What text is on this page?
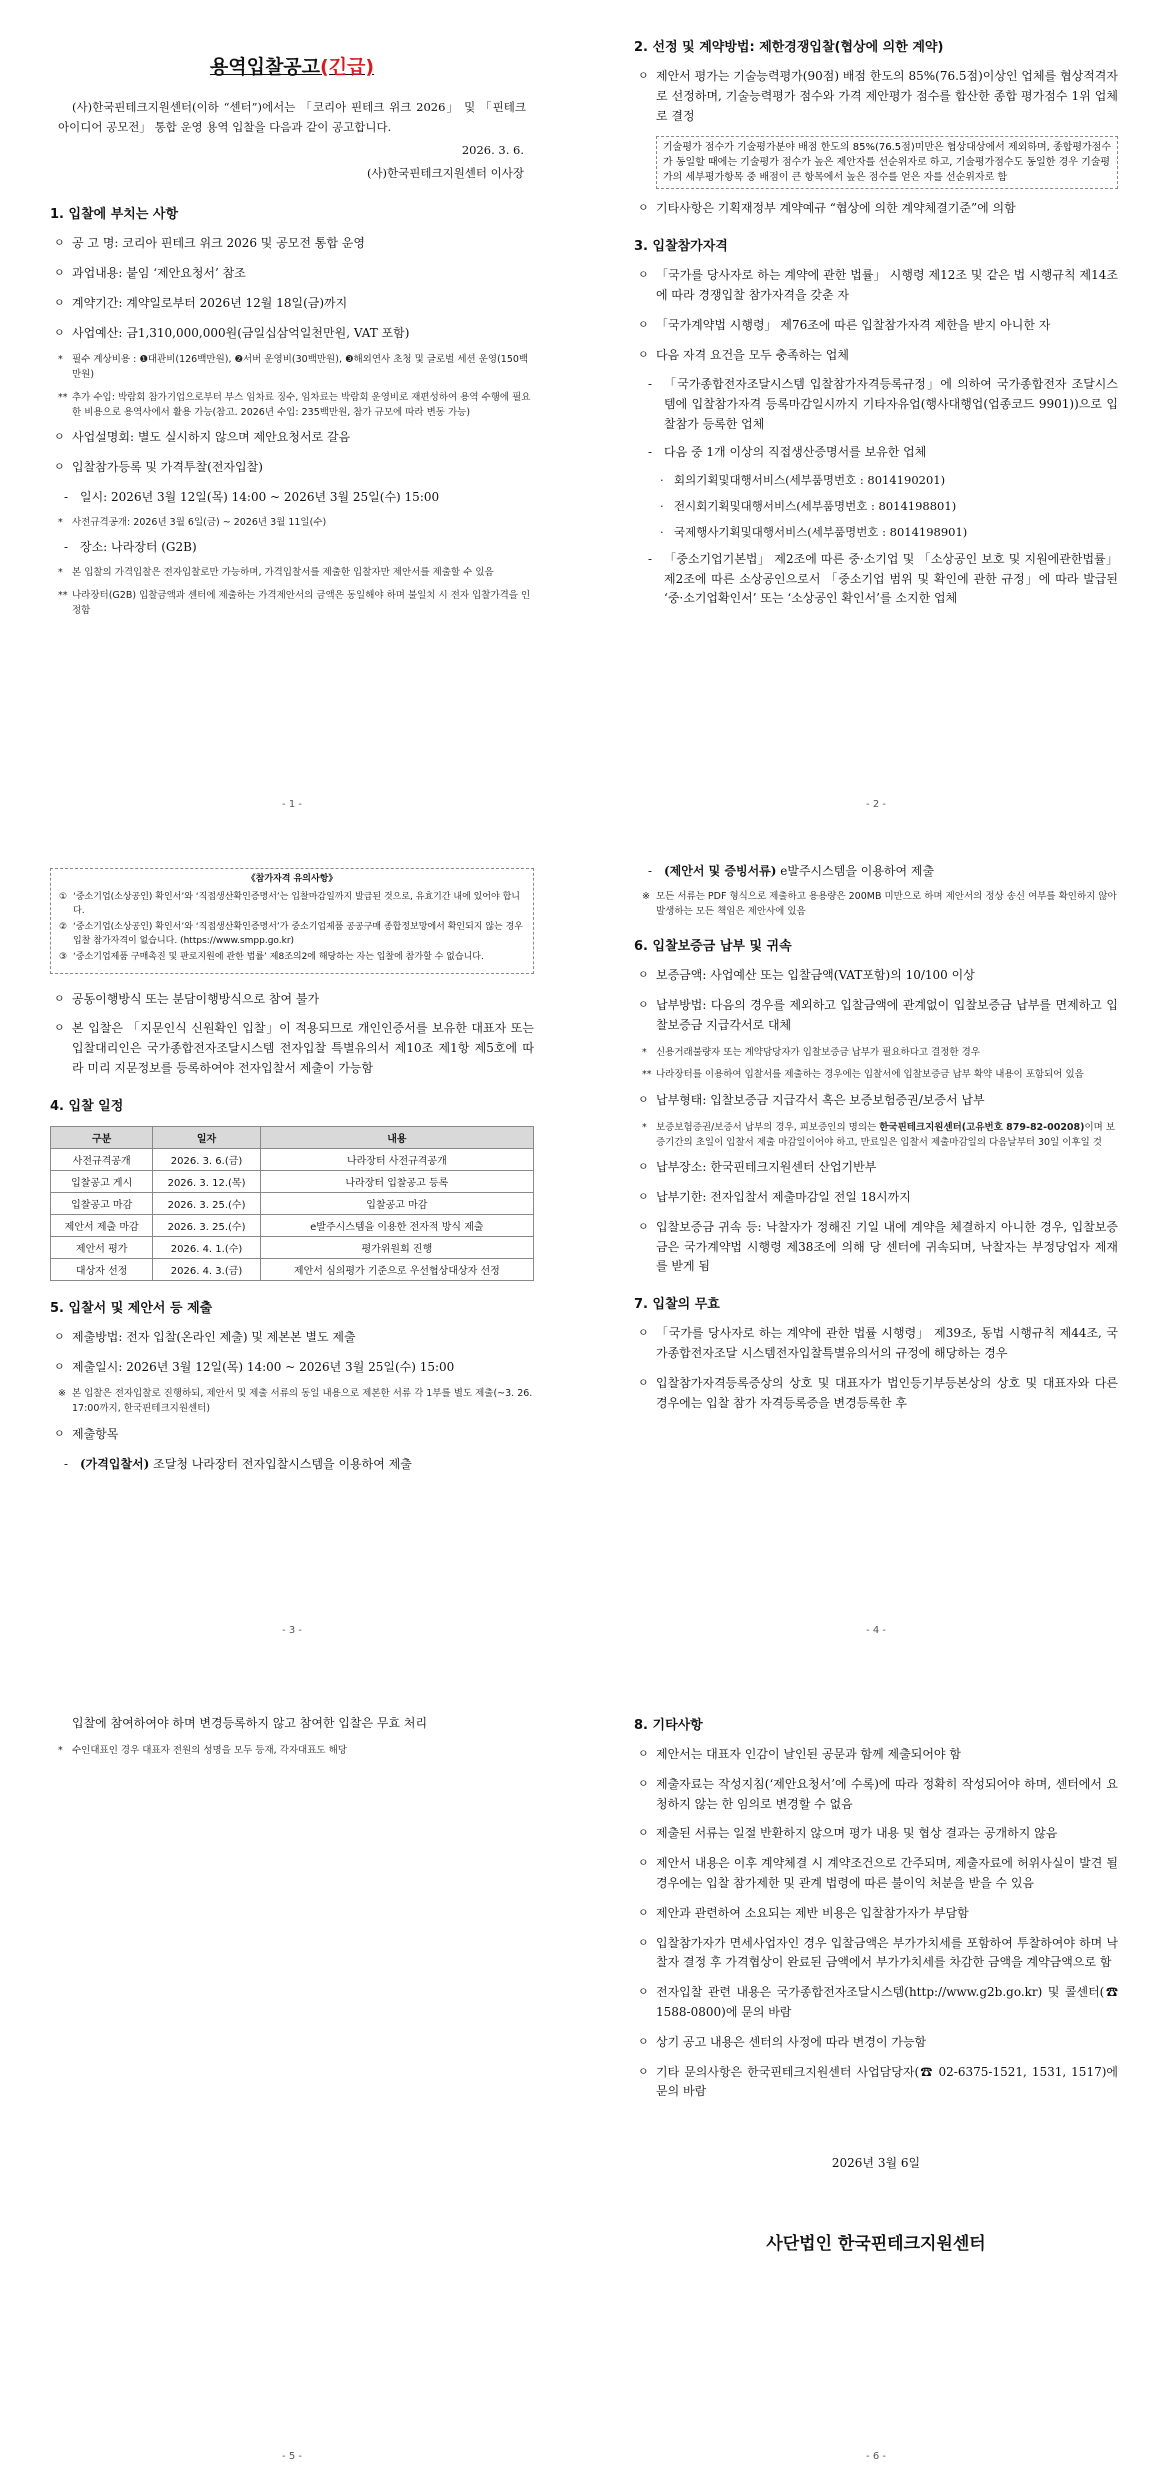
용역입찰공고(긴급)

(사)한국핀테크지원센터(이하 “센터”)에서는 「코리아 핀테크 위크 2026」 및 「핀테크 아이디어 공모전」 통합 운영 용역 입찰을 다음과 같이 공고합니다.

2026. 3. 6.
(사)한국핀테크지원센터 이사장
1. 입찰에 부치는 사항
ㅇ 공 고 명: 코리아 핀테크 위크 2026 및 공모전 통합 운영
ㅇ 과업내용: 붙임 ‘제안요청서’ 참조
ㅇ 계약기간: 계약일로부터 2026년 12월 18일(금)까지
ㅇ 사업예산: 금1,310,000,000원(금일십삼억일천만원, VAT 포함)
* 필수 계상비용 : ❶대관비(126백만원), ❷서버 운영비(30백만원), ❸해외연사 초청 및 글로벌 세션 운영(150백만원)
** 추가 수입: 박람회 참가기업으로부터 부스 임차료 징수, 임차료는 박람회 운영비로 재편성하여 용역 수행에 필요한 비용으로 용역사에서 활용 가능(참고. 2026년 수입: 235백만원, 참가 규모에 따라 변동 가능)
ㅇ 사업설명회: 별도 실시하지 않으며 제안요청서로 갈음
ㅇ 입찰참가등록 및 가격투찰(전자입찰)
- 일시: 2026년 3월 12일(목) 14:00 ~ 2026년 3월 25일(수) 15:00
* 사전규격공개: 2026년 3월 6일(금) ~ 2026년 3월 11일(수)
- 장소: 나라장터 (G2B)
* 본 입찰의 가격입찰은 전자입찰로만 가능하며, 가격입찰서를 제출한 입찰자만 제안서를 제출할 수 있음
** 나라장터(G2B) 입찰금액과 센터에 제출하는 가격제안서의 금액은 동일해야 하며 불일치 시 전자 입찰가격을 인정함
- 1 -
2. 선정 및 계약방법: 제한경쟁입찰(협상에 의한 계약)
ㅇ 제안서 평가는 기술능력평가(90점) 배점 한도의 85%(76.5점)이상인 업체를 협상적격자로 선정하며, 기술능력평가 점수와 가격 제안평가 점수를 합산한 종합 평가점수 1위 업체로 결정
기술평가 점수가 기술평가분야 배점 한도의 85%(76.5점)미만은 협상대상에서 제외하며, 종합평가점수가 동일할 때에는 기술평가 점수가 높은 제안자를 선순위자로 하고, 기술평가점수도 동일한 경우 기술평가의 세부평가항목 중 배점이 큰 항목에서 높은 점수를 얻은 자를 선순위자로 함
ㅇ 기타사항은 기획재정부 계약예규 “협상에 의한 계약체결기준”에 의함
3. 입찰참가자격
ㅇ 「국가를 당사자로 하는 계약에 관한 법률」 시행령 제12조 및 같은 법 시행규칙 제14조에 따라 경쟁입찰 참가자격을 갖춘 자
ㅇ 「국가계약법 시행령」 제76조에 따른 입찰참가자격 제한을 받지 아니한 자
ㅇ 다음 자격 요건을 모두 충족하는 업체
- 「국가종합전자조달시스템 입찰참가자격등록규정」에 의하여 국가종합전자 조달시스템에 입찰참가자격 등록마감일시까지 기타자유업(행사대행업(업종코드 9901))으로 입찰참가 등록한 업체
- 다음 중 1개 이상의 직접생산증명서를 보유한 업체
· 회의기획및대행서비스(세부품명번호 : 8014190201)
· 전시회기획및대행서비스(세부품명번호 : 8014198801)
· 국제행사기획및대행서비스(세부품명번호 : 8014198901)
- 「중소기업기본법」 제2조에 따른 중·소기업 및 「소상공인 보호 및 지원에관한법률」 제2조에 따른 소상공인으로서 「중소기업 범위 및 확인에 관한 규정」에 따라 발급된 ‘중·소기업확인서’ 또는 ‘소상공인 확인서’를 소지한 업체
- 2 -
《참가자격 유의사항》
① ‘중소기업(소상공인) 확인서’와 ‘직접생산확인증명서’는 입찰마감일까지 발급된 것으로, 유효기간 내에 있어야 합니다.
② ‘중소기업(소상공인) 확인서’와 ‘직접생산확인증명서’가 중소기업제품 공공구매 종합정보망에서 확인되지 않는 경우 입찰 참가자격이 없습니다. (https://www.smpp.go.kr)
③ ‘중소기업제품 구매촉진 및 판로지원에 관한 법률’ 제8조의2에 해당하는 자는 입찰에 참가할 수 없습니다.
ㅇ 공동이행방식 또는 분담이행방식으로 참여 불가
ㅇ 본 입찰은 「지문인식 신원확인 입찰」이 적용되므로 개인인증서를 보유한 대표자 또는 입찰대리인은 국가종합전자조달시스템 전자입찰 특별유의서 제10조 제1항 제5호에 따라 미리 지문정보를 등록하여야 전자입찰서 제출이 가능함
4. 입찰 일정
구분	일자	내용
사전규격공개	2026. 3. 6.(금)	나라장터 사전규격공개
입찰공고 게시	2026. 3. 12.(목)	나라장터 입찰공고 등록
입찰공고 마감	2026. 3. 25.(수)	입찰공고 마감
제안서 제출 마감	2026. 3. 25.(수)	e발주시스템을 이용한 전자적 방식 제출
제안서 평가	2026. 4. 1.(수)	평가위원회 진행
대상자 선정	2026. 4. 3.(금)	제안서 심의평가 기준으로 우선협상대상자 선정
5. 입찰서 및 제안서 등 제출
ㅇ 제출방법: 전자 입찰(온라인 제출) 및 제본본 별도 제출
ㅇ 제출일시: 2026년 3월 12일(목) 14:00 ~ 2026년 3월 25일(수) 15:00
※ 본 입찰은 전자입찰로 진행하되, 제안서 및 제출 서류의 동일 내용으로 제본한 서류 각 1부를 별도 제출(~3. 26. 17:00까지, 한국핀테크지원센터)
ㅇ 제출항목
- (가격입찰서) 조달청 나라장터 전자입찰시스템을 이용하여 제출
- 3 -
- (제안서 및 증빙서류) e발주시스템을 이용하여 제출
※ 모든 서류는 PDF 형식으로 제출하고 용용량은 200MB 미만으로 하며 제안서의 정상 송신 여부를 확인하지 않아 발생하는 모든 책임은 제안사에 있음
6. 입찰보증금 납부 및 귀속
ㅇ 보증금액: 사업예산 또는 입찰금액(VAT포함)의 10/100 이상
ㅇ 납부방법: 다음의 경우를 제외하고 입찰금액에 관계없이 입찰보증금 납부를 면제하고 입찰보증금 지급각서로 대체
* 신용거래불량자 또는 계약담당자가 입찰보증금 납부가 필요하다고 결정한 경우
** 나라장터를 이용하여 입찰서를 제출하는 경우에는 입찰서에 입찰보증금 납부 확약 내용이 포함되어 있음
ㅇ 납부형태: 입찰보증금 지급각서 혹은 보증보험증권/보증서 납부
* 보증보험증권/보증서 납부의 경우, 피보증인의 명의는 한국핀테크지원센터(고유번호 879-82-00208)이며 보증기간의 초일이 입찰서 제출 마감일이어야 하고, 만료일은 입찰서 제출마감일의 다음날부터 30일 이후일 것
ㅇ 납부장소: 한국핀테크지원센터 산업기반부
ㅇ 납부기한: 전자입찰서 제출마감일 전일 18시까지
ㅇ 입찰보증금 귀속 등: 낙찰자가 정해진 기일 내에 계약을 체결하지 아니한 경우, 입찰보증금은 국가계약법 시행령 제38조에 의해 당 센터에 귀속되며, 낙찰자는 부정당업자 제재를 받게 됨
7. 입찰의 무효
ㅇ 「국가를 당사자로 하는 계약에 관한 법률 시행령」 제39조, 동법 시행규칙 제44조, 국가종합전자조달 시스템전자입찰특별유의서의 규정에 해당하는 경우
ㅇ 입찰참가자격등록증상의 상호 및 대표자가 법인등기부등본상의 상호 및 대표자와 다른 경우에는 입찰 참가 자격등록증을 변경등록한 후
- 4 -
입찰에 참여하여야 하며 변경등록하지 않고 참여한 입찰은 무효 처리
* 수인대표인 경우 대표자 전원의 성명을 모두 등재, 각자대표도 해당
- 5 -
8. 기타사항
ㅇ 제안서는 대표자 인감이 날인된 공문과 함께 제출되어야 함
ㅇ 제출자료는 작성지침(‘제안요청서’에 수록)에 따라 정확히 작성되어야 하며, 센터에서 요청하지 않는 한 임의로 변경할 수 없음
ㅇ 제출된 서류는 일절 반환하지 않으며 평가 내용 및 협상 결과는 공개하지 않음
ㅇ 제안서 내용은 이후 계약체결 시 계약조건으로 간주되며, 제출자료에 허위사실이 발견 될 경우에는 입찰 참가제한 및 관계 법령에 따른 불이익 처분을 받을 수 있음
ㅇ 제안과 관련하여 소요되는 제반 비용은 입찰참가자가 부담함
ㅇ 입찰참가자가 면세사업자인 경우 입찰금액은 부가가치세를 포함하여 투찰하여야 하며 낙찰자 결정 후 가격협상이 완료된 금액에서 부가가치세를 차감한 금액을 계약금액으로 함
ㅇ 전자입찰 관련 내용은 국가종합전자조달시스템(http://www.g2b.go.kr) 및 콜센터(☎ 1588-0800)에 문의 바람
ㅇ 상기 공고 내용은 센터의 사정에 따라 변경이 가능함
ㅇ 기타 문의사항은 한국핀테크지원센터 사업담당자(☎ 02-6375-1521, 1531, 1517)에 문의 바람
2026년 3월 6일
사단법인 한국핀테크지원센터
- 6 -
